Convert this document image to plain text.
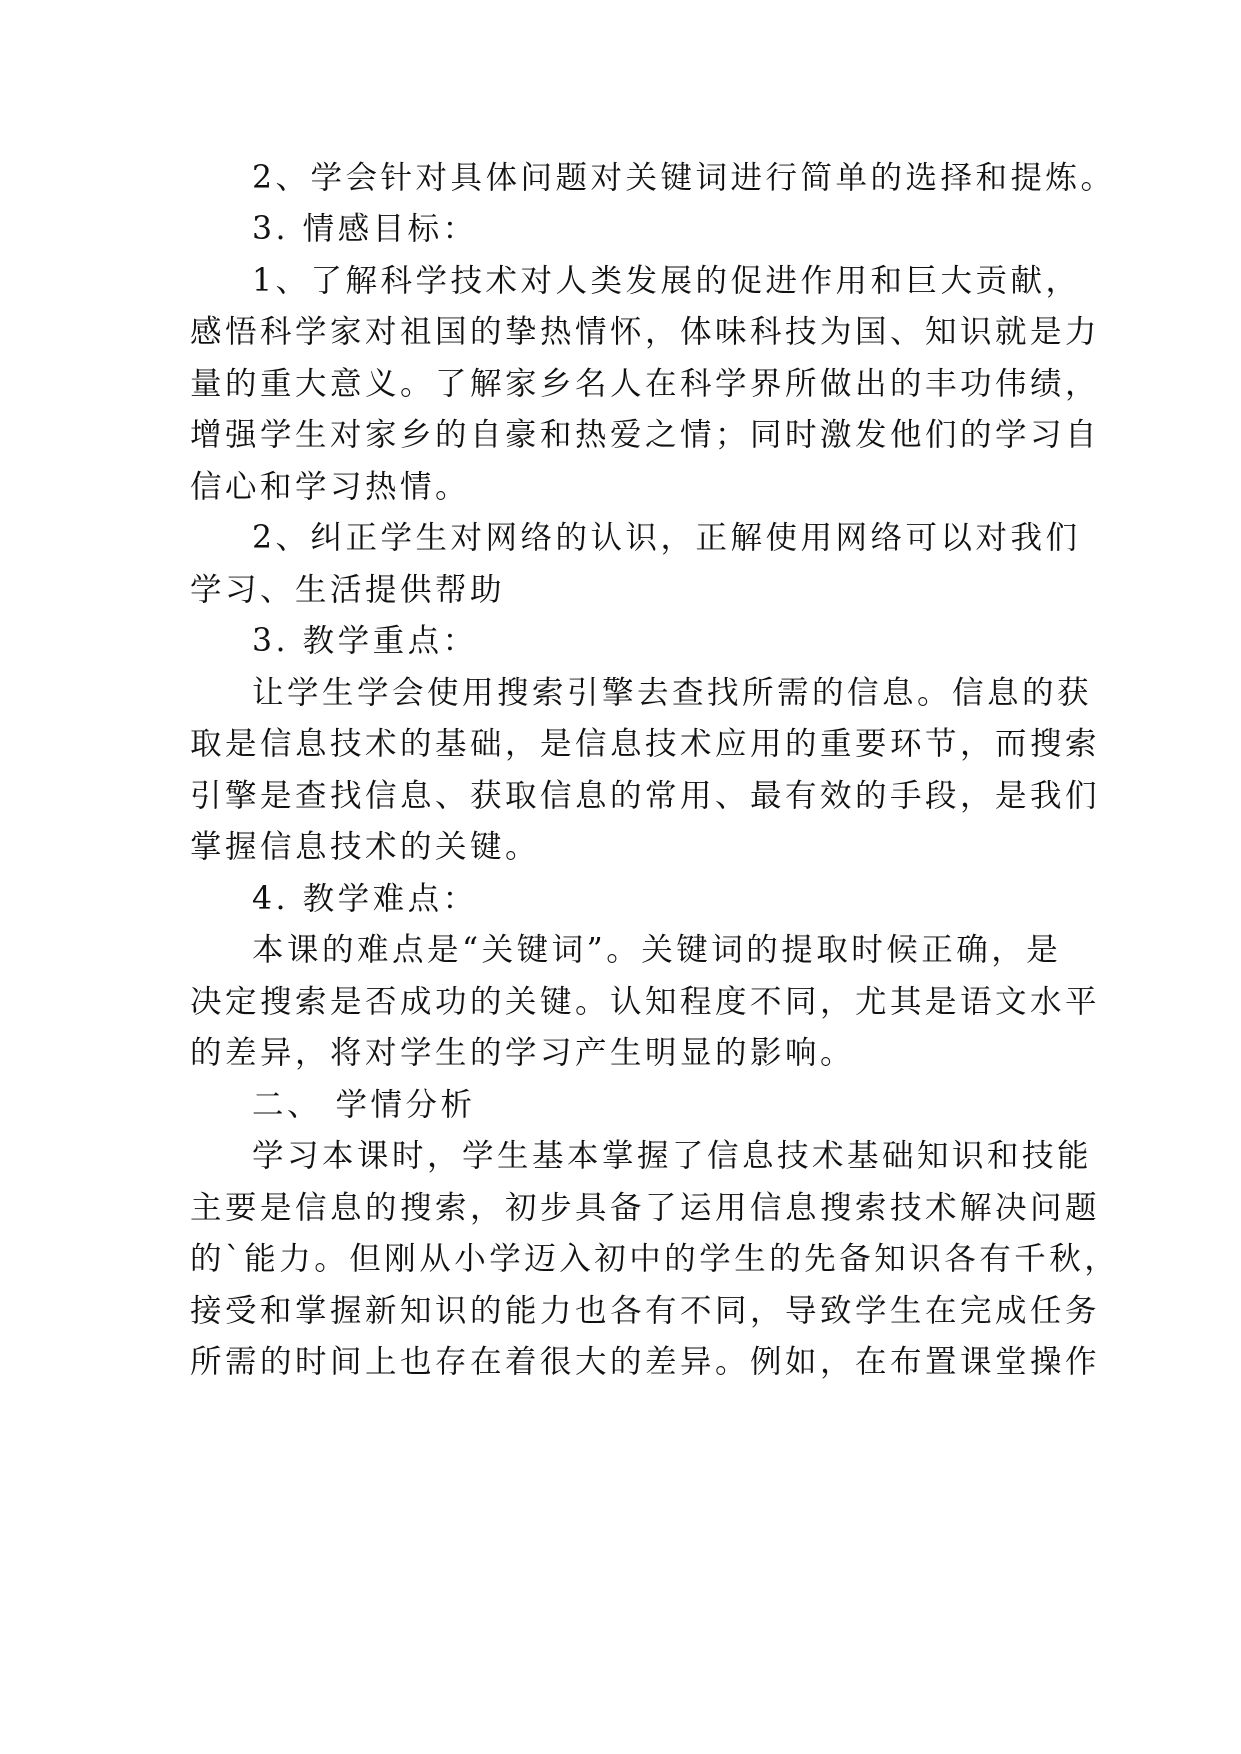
2、学会针对具体问题对关键词进行简单的选择和提炼。
3. 情感目标：
1、了解科学技术对人类发展的促进作用和巨大贡献，
感悟科学家对祖国的挚热情怀，体味科技为国、知识就是力
量的重大意义。了解家乡名人在科学界所做出的丰功伟绩，
增强学生对家乡的自豪和热爱之情；同时激发他们的学习自
信心和学习热情。
2、纠正学生对网络的认识，正解使用网络可以对我们
学习、生活提供帮助
3. 教学重点：
让学生学会使用搜索引擎去查找所需的信息。信息的获
取是信息技术的基础，是信息技术应用的重要环节，而搜索
引擎是查找信息、获取信息的常用、最有效的手段，是我们
掌握信息技术的关键。
4. 教学难点：
本课的难点是“关键词”。关键词的提取时候正确，是
决定搜索是否成功的关键。认知程度不同，尤其是语文水平
的差异，将对学生的学习产生明显的影响。
二、 学情分析
学习本课时，学生基本掌握了信息技术基础知识和技能
主要是信息的搜索，初步具备了运用信息搜索技术解决问题
的`能力。但刚从小学迈入初中的学生的先备知识各有千秋，
接受和掌握新知识的能力也各有不同，导致学生在完成任务
所需的时间上也存在着很大的差异。例如，在布置课堂操作
